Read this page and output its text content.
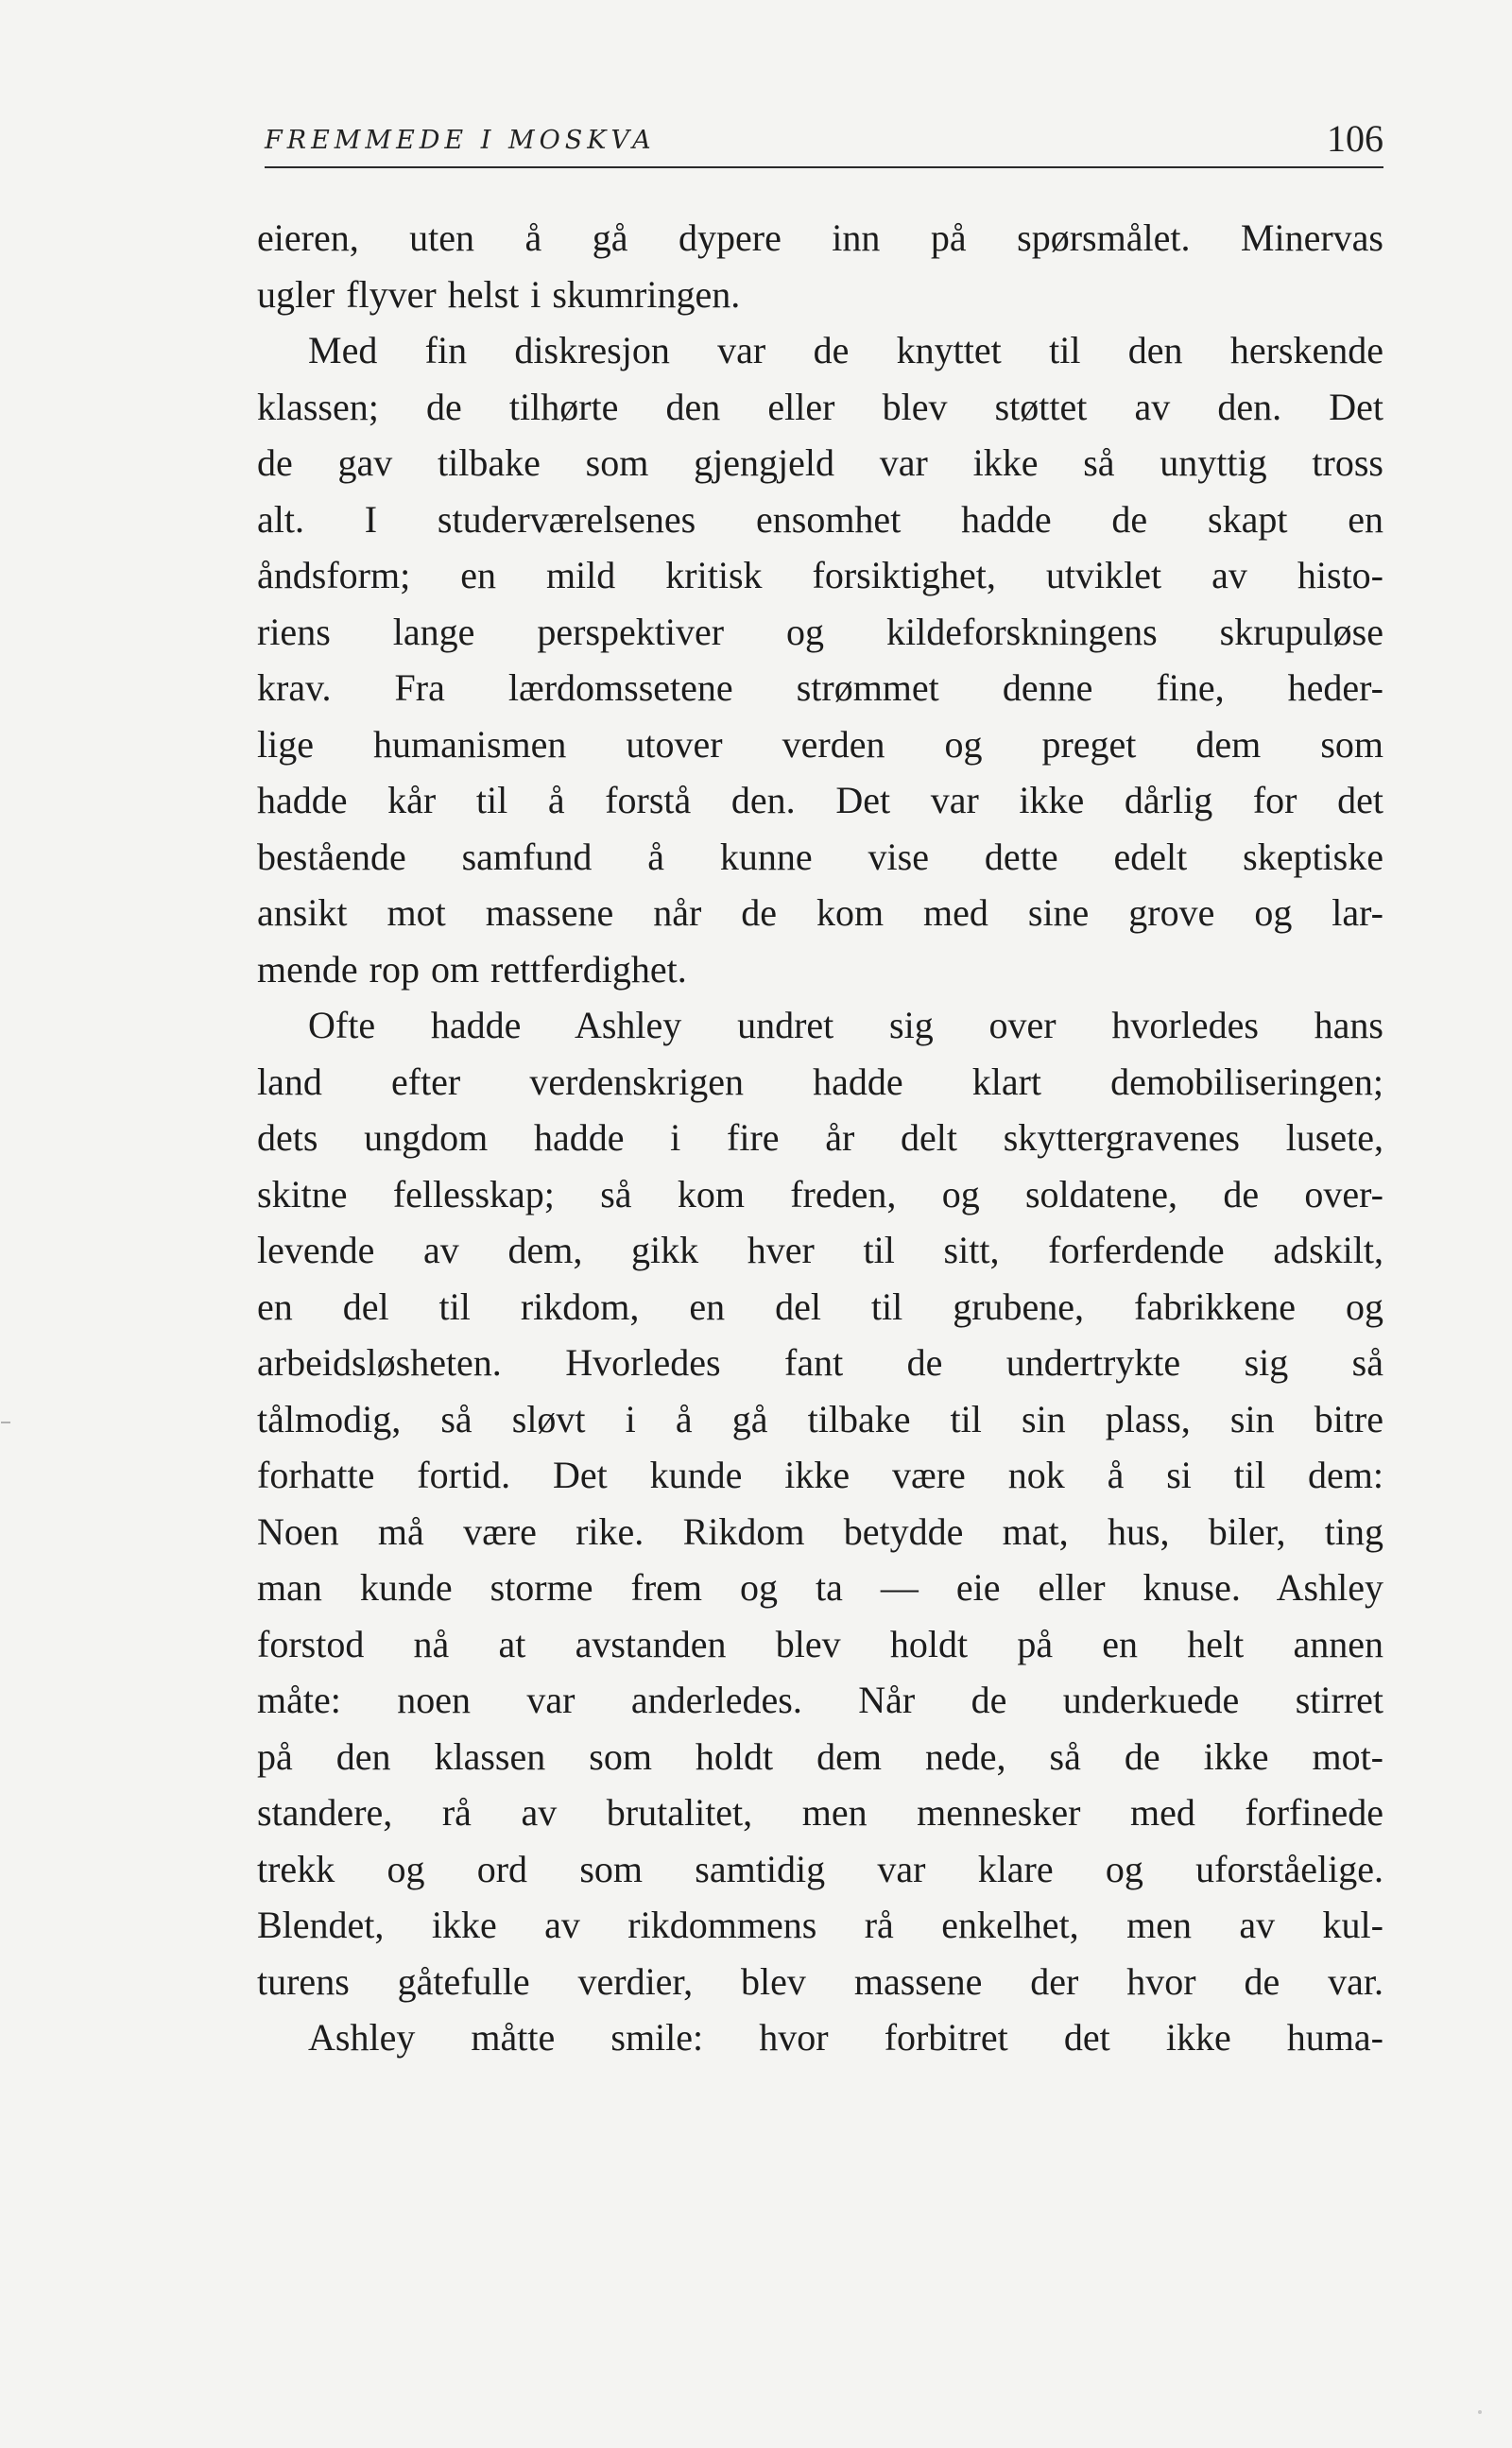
FREMMEDE I MOSKVA	106
eieren, uten å gå dypere inn på spørsmålet. Minervas
ugler flyver helst i skumringen.
Med fin diskresjon var de knyttet til den herskende
klassen; de tilhørte den eller blev støttet av den. Det
de gav tilbake som gjengjeld var ikke så unyttig tross
alt. I studerværelsenes ensomhet hadde de skapt en
åndsform; en mild kritisk forsiktighet, utviklet av histo-
riens lange perspektiver og kildeforskningens skrupuløse
krav. Fra lærdomssetene strømmet denne fine, heder-
lige humanismen utover verden og preget dem som
hadde kår til å forstå den. Det var ikke dårlig for det
bestående samfund å kunne vise dette edelt skeptiske
ansikt mot massene når de kom med sine grove og lar-
mende rop om rettferdighet.
Ofte hadde Ashley undret sig over hvorledes hans
land efter verdenskrigen hadde klart demobiliseringen;
dets ungdom hadde i fire år delt skyttergravenes lusete,
skitne fellesskap; så kom freden, og soldatene, de over-
levende av dem, gikk hver til sitt, forferdende adskilt,
en del til rikdom, en del til grubene, fabrikkene og
arbeidsløsheten. Hvorledes fant de undertrykte sig så
tålmodig, så sløvt i å gå tilbake til sin plass, sin bitre
forhatte fortid. Det kunde ikke være nok å si til dem:
Noen må være rike. Rikdom betydde mat, hus, biler, ting
man kunde storme frem og ta — eie eller knuse. Ashley
forstod nå at avstanden blev holdt på en helt annen
måte: noen var anderledes. Når de underkuede stirret
på den klassen som holdt dem nede, så de ikke mot-
standere, rå av brutalitet, men mennesker med forfinede
trekk og ord som samtidig var klare og uforståelige.
Blendet, ikke av rikdommens rå enkelhet, men av kul-
turens gåtefulle verdier, blev massene der hvor de var.
Ashley måtte smile: hvor forbitret det ikke huma-
